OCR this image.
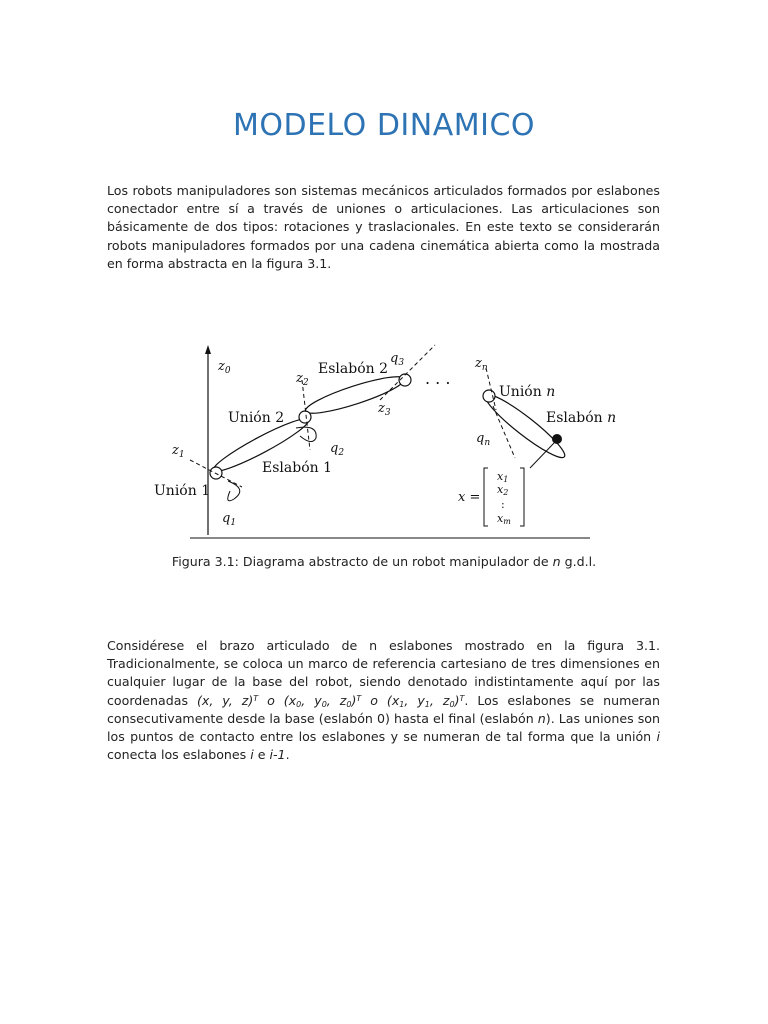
MODELO DINAMICO

Los robots manipuladores son sistemas mecánicos articulados formados por eslabones conectador entre sí a través de uniones o articulaciones. Las articulaciones son básicamente de dos tipos: rotaciones y traslacionales. En este texto se considerarán robots manipuladores formados por una cadena cinemática abierta como la mostrada en forma abstracta en la figura 3.1.

. . .
$z_0$	Eslabón 2
$q_3$
$z_2$
$z_3$
Unión 2
$q_2$
$z_1$
Eslabón 1
Unión 1
$q_1$
$z_n$
Unión n
Eslabón n
$q_n$
x =
x1
x2
:
xm

Figura 3.1: Diagrama abstracto de un robot manipulador de n g.d.l.

Considérese el brazo articulado de n eslabones mostrado en la figura 3.1. Tradicionalmente, se coloca un marco de referencia cartesiano de tres dimensiones en cualquier lugar de la base del robot, siendo denotado indistintamente aquí por las coordenadas (x, y, z)$^T$ o ($x_0$, $y_0$, $z_0)^T$ o ($x_1$, $y_1$, $z_0)^T$. Los eslabones se numeran consecutivamente desde la base (eslabón 0) hasta el final (eslabón n). Las uniones son los puntos de contacto entre los eslabones y se numeran de tal forma que la unión i conecta los eslabones i e i-1.
